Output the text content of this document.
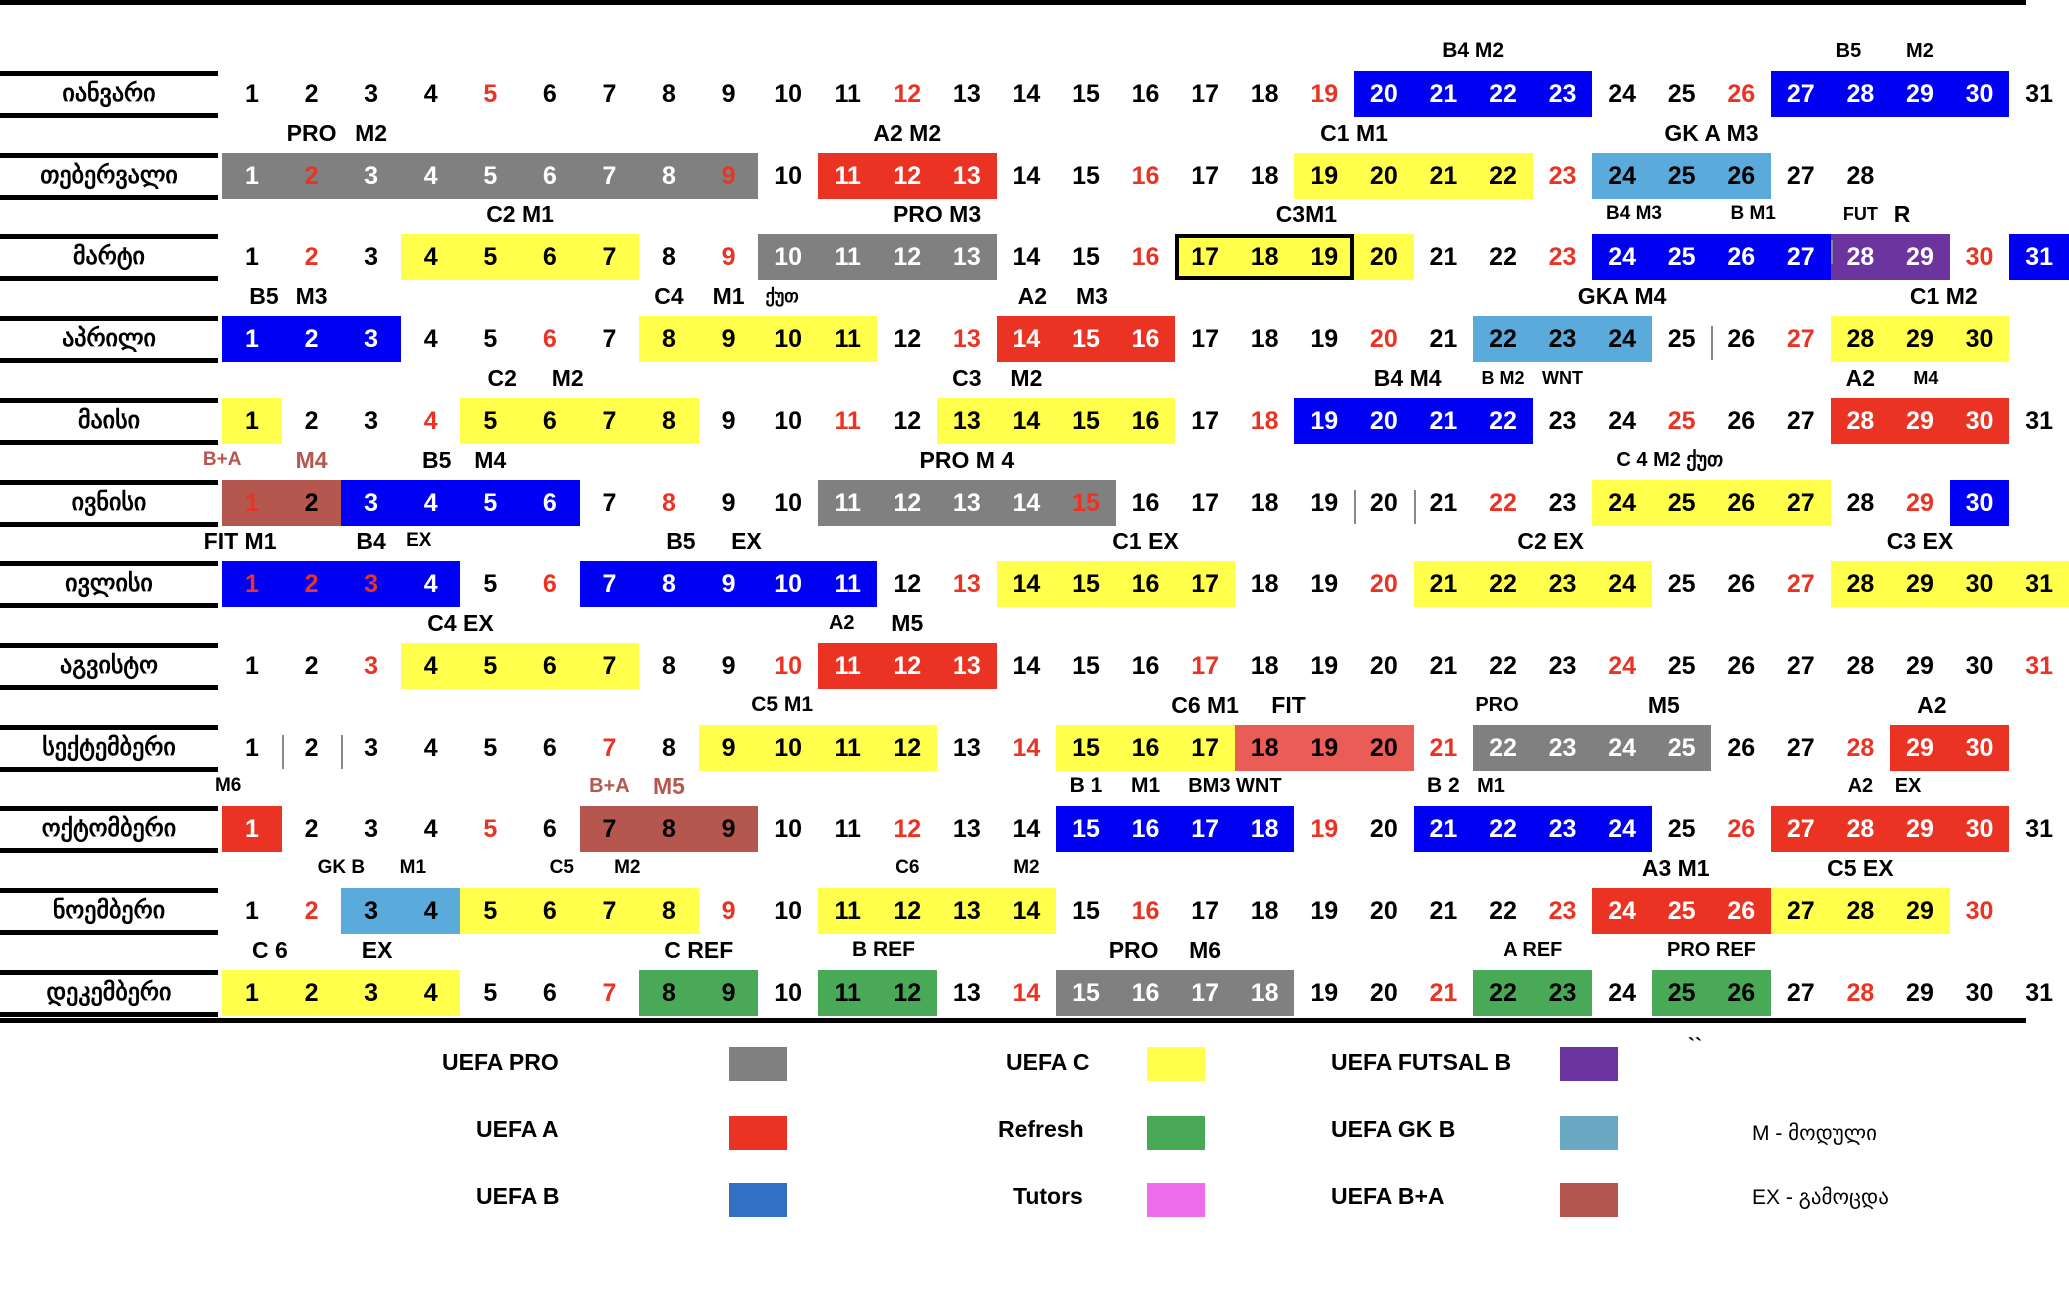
იანვარი	1	2	3	4	5	6	7	8	9	10	11	12	13	14	15	16	17	18	19	20	21	22	23	24	25	26	27	28	29	30	31
B4 M2	B5 M2
თებერვალი	1	2	3	4	5	6	7	8	9	10	11	12	13	14	15	16	17	18	19	20	21	22	23	24	25	26	27	28
PRO M2	A2 M2	C1 M1	GK A M3
მარტი	1	2	3	4	5	6	7	8	9	10	11	12	13	14	15	16	17	18	19	20	21	22	23	24	25	26	27	28	29	30	31
C2 M1	PRO M3	C3M1	B4 M3	B M1	FUT R
აპრილი	1	2	3	4	5	6	7	8	9	10	11	12	13	14	15	16	17	18	19	20	21	22	23	24	25	26	27	28	29	30
B5 M3	C4 M1 ქუთ	A2 M3	GKA M4	C1 M2
მაისი	1	2	3	4	5	6	7	8	9	10	11	12	13	14	15	16	17	18	19	20	21	22	23	24	25	26	27	28	29	30	31
C2 M2	C3 M2	B4 M4 B M2 WNT	A2 M4
ივნისი	1	2	3	4	5	6	7	8	9	10	11	12	13	14	15	16	17	18	19	20	21	22	23	24	25	26	27	28	29	30
B+A M4	B5 M4	PRO M 4	C 4 M2 ქუთ
ივლისი	1	2	3	4	5	6	7	8	9	10	11	12	13	14	15	16	17	18	19	20	21	22	23	24	25	26	27	28	29	30	31
FIT M1	B4 EX	B5 EX	C1 EX	C2 EX	C3 EX
აგვისტო	1	2	3	4	5	6	7	8	9	10	11	12	13	14	15	16	17	18	19	20	21	22	23	24	25	26	27	28	29	30	31
C4 EX	A2 M5
სექტემბერი	1	2	3	4	5	6	7	8	9	10	11	12	13	14	15	16	17	18	19	20	21	22	23	24	25	26	27	28	29	30
C5 M1	C6 M1 FIT	PRO	M5	A2
ოქტომბერი	1	2	3	4	5	6	7	8	9	10	11	12	13	14	15	16	17	18	19	20	21	22	23	24	25	26	27	28	29	30	31
M6	B+A M5	B 1 M1 BM3 WNT	B 2 M1	A2 EX
ნოემბერი	1	2	3	4	5	6	7	8	9	10	11	12	13	14	15	16	17	18	19	20	21	22	23	24	25	26	27	28	29	30
GK B M1	C5 M2	C6	M2	A3 M1	C5 EX
დეკემბერი	1	2	3	4	5	6	7	8	9	10	11	12	13	14	15	16	17	18	19	20	21	22	23	24	25	26	27	28	29	30	31
C 6	EX	C REF	B REF	PRO M6	A REF	PRO REF
UEFA PRO
UEFA A
UEFA B
UEFA C
Refresh
Tutors
UEFA FUTSAL B
UEFA GK B
UEFA B+A
``
M - მოდული
EX - გამოცდა
